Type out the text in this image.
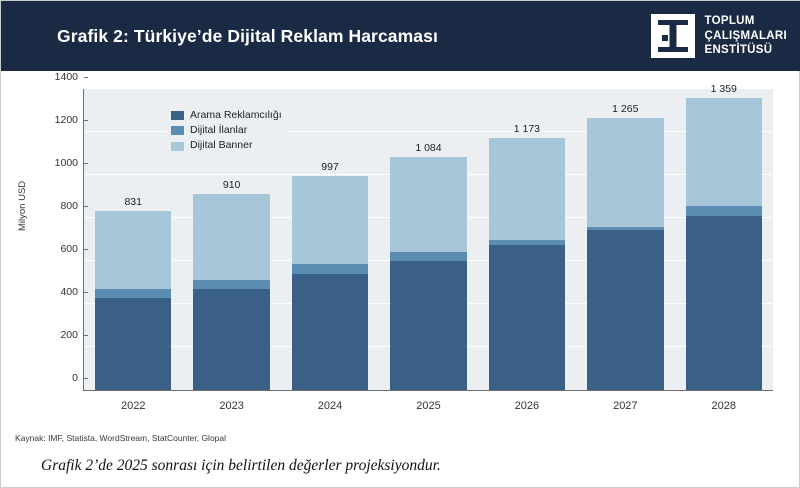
Grafik 2: Türkiye’de Dijital Reklam Harcaması
TOPLUM
ÇALIŞMALARI
ENSTİTÜSÜ
Milyon USD
0
200
400
600
800
1000
1200
1400
831
2022
910
2023
997
2024
1 084
2025
1 173
2026
1 265
2027
1 359
2028
Arama Reklamcılığı
Dijital İlanlar
Dijital Banner
Kaynak: IMF, Statista, WordStream, StatCounter, Glopal
Grafik 2’de 2025 sonrası için belirtilen değerler projeksiyondur.
